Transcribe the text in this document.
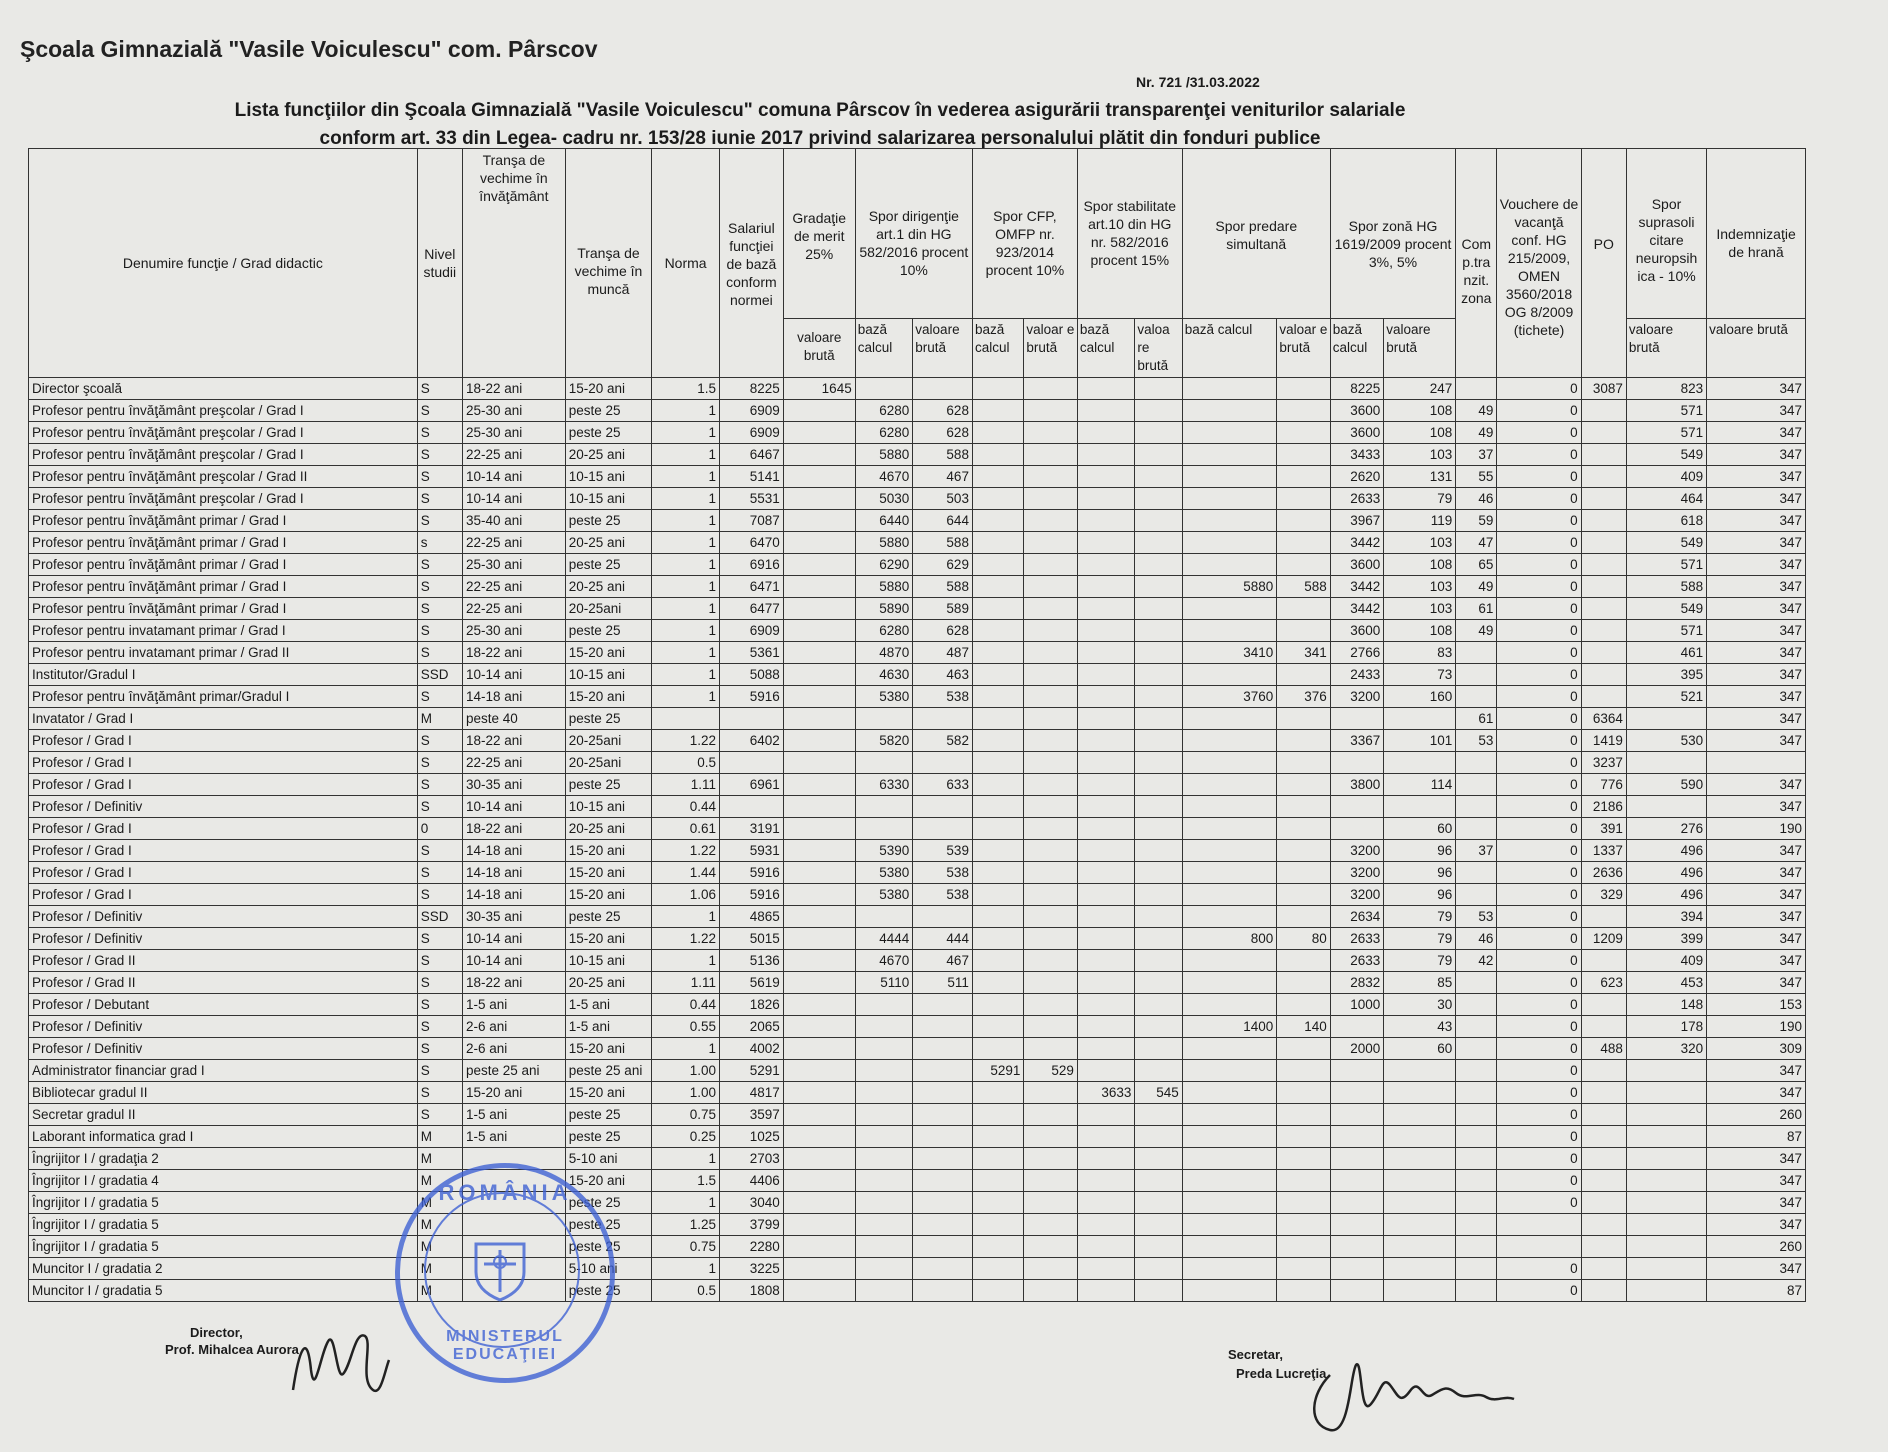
Şcoala Gimnazială "Vasile Voiculescu" com. Pârscov
Nr. 721 /31.03.2022
Lista funcţiilor din Şcoala Gimnazială "Vasile Voiculescu" comuna Pârscov în vederea asigurării transparenţei veniturilor salariale
conform art. 33 din Legea- cadru nr. 153/28 iunie 2017 privind salarizarea personalului plătit din fonduri publice
Denumire funcţie / Grad didactic	Nivel studii	Tranşa de vechime în învăţământ	Tranşa de vechime în muncă	Norma	Salariul funcţiei de bază conform normei	Gradaţie de merit 25%	Spor dirigenţie art.1 din HG 582/2016 procent 10%		Spor CFP, OMFP nr. 923/2014 procent 10%		Spor stabilitate art.10 din HG nr. 582/2016 procent 15%		Spor predare simultană		Spor zonă HG 1619/2009 procent 3%, 5%		Com p.tra nzit. zona	Vouchere de vacanţă conf. HG 215/2009, OMEN 3560/2018 OG 8/2009 (tichete)	PO	Spor suprasoli citare neuropsih ica - 10%	Indemnizaţie de hrană
						valoare brută	bază calcul	valoare brută	bază calcul	valoar e brută	bază calcul	valoa re brută	bază calcul	valoar e brută	bază calcul	valoare brută				valoare brută	valoare brută
Director şcoală	S	18-22 ani	15-20 ani	1.5	8225	1645									8225	247		0	3087	823	347
Profesor pentru învăţământ preşcolar / Grad I	S	25-30 ani	peste 25	1	6909		6280	628							3600	108	49	0		571	347
Profesor pentru învăţământ preşcolar / Grad I	S	25-30 ani	peste 25	1	6909		6280	628							3600	108	49	0		571	347
Profesor pentru învăţământ preşcolar / Grad I	S	22-25 ani	20-25 ani	1	6467		5880	588							3433	103	37	0		549	347
Profesor pentru învăţământ preşcolar / Grad II	S	10-14 ani	10-15 ani	1	5141		4670	467							2620	131	55	0		409	347
Profesor pentru învăţământ preşcolar / Grad I	S	10-14 ani	10-15 ani	1	5531		5030	503							2633	79	46	0		464	347
Profesor pentru învăţământ primar / Grad I	S	35-40 ani	peste 25	1	7087		6440	644							3967	119	59	0		618	347
Profesor pentru învăţământ primar / Grad I	s	22-25 ani	20-25 ani	1	6470		5880	588							3442	103	47	0		549	347
Profesor pentru învăţământ primar / Grad I	S	25-30 ani	peste 25	1	6916		6290	629							3600	108	65	0		571	347
Profesor pentru învăţământ primar / Grad I	S	22-25 ani	20-25 ani	1	6471		5880	588					5880	588	3442	103	49	0		588	347
Profesor pentru învăţământ primar / Grad I	S	22-25 ani	20-25ani	1	6477		5890	589							3442	103	61	0		549	347
Profesor pentru invatamant primar / Grad I	S	25-30 ani	peste 25	1	6909		6280	628							3600	108	49	0		571	347
Profesor pentru invatamant primar / Grad II	S	18-22 ani	15-20 ani	1	5361		4870	487					3410	341	2766	83		0		461	347
Institutor/Gradul I	SSD	10-14 ani	10-15 ani	1	5088		4630	463							2433	73		0		395	347
Profesor pentru învăţământ primar/Gradul I	S	14-18 ani	15-20 ani	1	5916		5380	538					3760	376	3200	160		0		521	347
Invatator / Grad I	M	peste 40	peste 25														61	0	6364		347
Profesor / Grad I	S	18-22 ani	20-25ani	1.22	6402		5820	582							3367	101	53	0	1419	530	347
Profesor / Grad I	S	22-25 ani	20-25ani	0.5														0	3237		
Profesor / Grad I	S	30-35 ani	peste 25	1.11	6961		6330	633							3800	114		0	776	590	347
Profesor / Definitiv	S	10-14 ani	10-15 ani	0.44														0	2186		347
Profesor / Grad I	0	18-22 ani	20-25 ani	0.61	3191											60		0	391	276	190
Profesor / Grad I	S	14-18 ani	15-20 ani	1.22	5931		5390	539							3200	96	37	0	1337	496	347
Profesor / Grad I	S	14-18 ani	15-20 ani	1.44	5916		5380	538							3200	96		0	2636	496	347
Profesor / Grad I	S	14-18 ani	15-20 ani	1.06	5916		5380	538							3200	96		0	329	496	347
Profesor / Definitiv	SSD	30-35 ani	peste 25	1	4865										2634	79	53	0		394	347
Profesor / Definitiv	S	10-14 ani	15-20 ani	1.22	5015		4444	444					800	80	2633	79	46	0	1209	399	347
Profesor / Grad II	S	10-14 ani	10-15 ani	1	5136		4670	467							2633	79	42	0		409	347
Profesor / Grad II	S	18-22 ani	20-25 ani	1.11	5619		5110	511							2832	85		0	623	453	347
Profesor / Debutant	S	1-5 ani	1-5 ani	0.44	1826										1000	30		0		148	153
Profesor / Definitiv	S	2-6 ani	1-5 ani	0.55	2065								1400	140		43		0		178	190
Profesor / Definitiv	S	2-6 ani	15-20 ani	1	4002										2000	60		0	488	320	309
Administrator financiar grad I	S	peste 25 ani	peste 25 ani	1.00	5291				5291	529								0			347
Bibliotecar gradul II	S	15-20 ani	15-20 ani	1.00	4817						3633	545						0			347
Secretar gradul II	S	1-5 ani	peste 25	0.75	3597													0			260
Laborant informatica grad I	M	1-5 ani	peste 25	0.25	1025													0			87
Îngrijitor I / gradaţia 2	M		5-10 ani	1	2703													0			347
Îngrijitor I / gradatia 4	M		15-20 ani	1.5	4406													0			347
Îngrijitor I / gradatia 5	M		peste 25	1	3040													0			347
Îngrijitor I / gradatia 5	M		peste 25	1.25	3799																347
Îngrijitor I / gradatia 5	M		peste 25	0.75	2280																260
Muncitor I / gradatia 2	M		5-10 ani	1	3225													0			347
Muncitor I / gradatia 5	M		peste 25	0.5	1808													0			87
ROMÂNIA
MINISTERUL EDUCAŢIEI
Director,
Prof. Mihalcea Aurora	Secretar,
Preda Lucreţia
